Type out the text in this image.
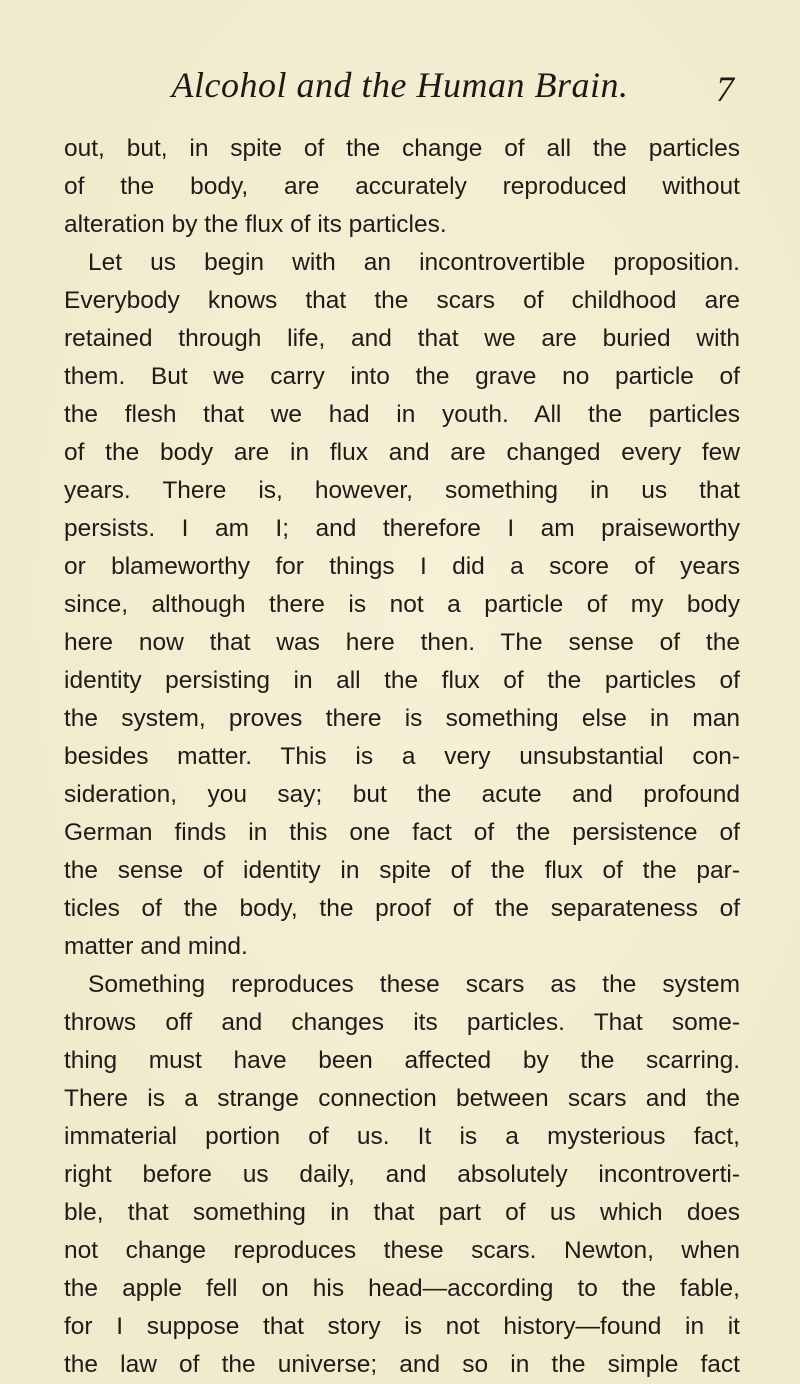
Alcohol and the Human Brain.	7
out, but, in spite of the change of all the particles
of the body, are accurately reproduced without
alteration by the flux of its particles.
Let us begin with an incontrovertible proposition.
Everybody knows that the scars of childhood are
retained through life, and that we are buried with
them. But we carry into the grave no particle of
the flesh that we had in youth. All the particles
of the body are in flux and are changed every few
years. There is, however, something in us that
persists. I am I; and therefore I am praiseworthy
or blameworthy for things I did a score of years
since, although there is not a particle of my body
here now that was here then. The sense of the
identity persisting in all the flux of the particles of
the system, proves there is something else in man
besides matter. This is a very unsubstantial con-
sideration, you say; but the acute and profound
German finds in this one fact of the persistence of
the sense of identity in spite of the flux of the par-
ticles of the body, the proof of the separateness of
matter and mind.
Something reproduces these scars as the system
throws off and changes its particles. That some-
thing must have been affected by the scarring.
There is a strange connection between scars and the
immaterial portion of us. It is a mysterious fact,
right before us daily, and absolutely incontroverti-
ble, that something in that part of us which does
not change reproduces these scars. Newton, when
the apple fell on his head—according to the fable,
for I suppose that story is not history—found in it
the law of the universe; and so in the simple fact
